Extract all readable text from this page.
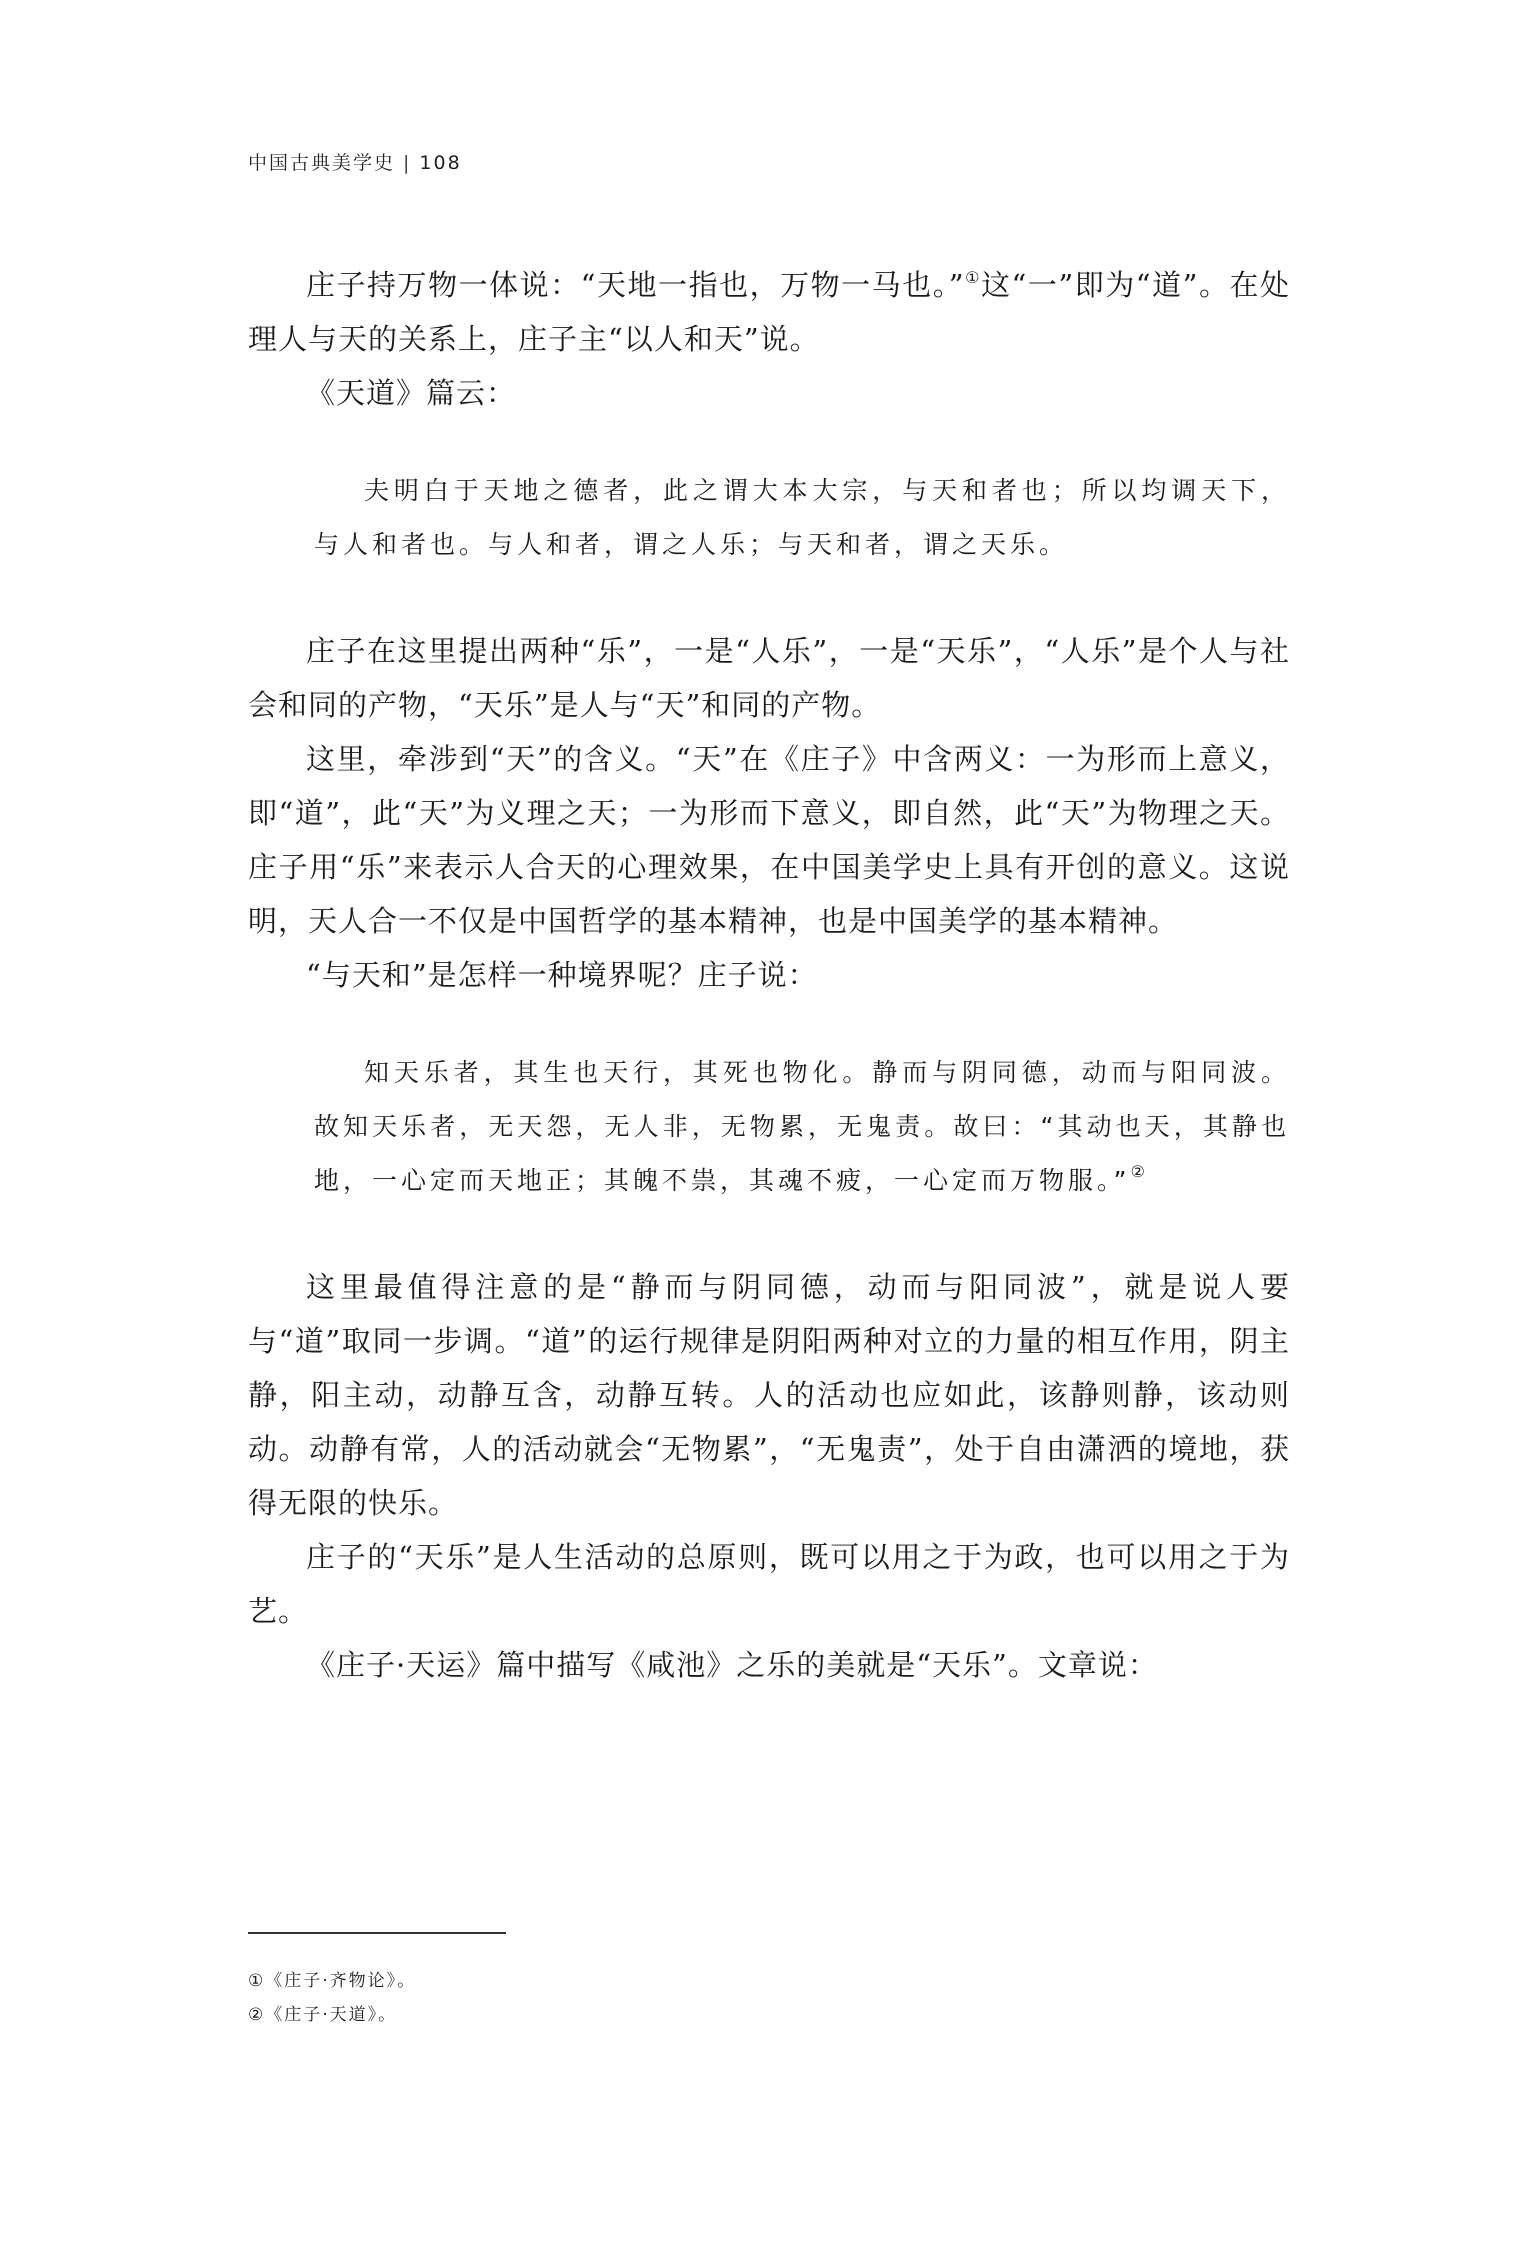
中国古典美学史 | 108

庄子持万物一体说：“天地一指也，万物一马也。”①这“一”即为“道”。在处理人与天的关系上，庄子主“以人和天”说。

《天道》篇云：

夫明白于天地之德者，此之谓大本大宗，与天和者也；所以均调天下，与人和者也。与人和者，谓之人乐；与天和者，谓之天乐。

庄子在这里提出两种“乐”，一是“人乐”，一是“天乐”，“人乐”是个人与社会和同的产物，“天乐”是人与“天”和同的产物。

这里，牵涉到“天”的含义。“天”在《庄子》中含两义：一为形而上意义，即“道”，此“天”为义理之天；一为形而下意义，即自然，此“天”为物理之天。庄子用“乐”来表示人合天的心理效果，在中国美学史上具有开创的意义。这说明，天人合一不仅是中国哲学的基本精神，也是中国美学的基本精神。

“与天和”是怎样一种境界呢？庄子说：

知天乐者，其生也天行，其死也物化。静而与阴同德，动而与阳同波。故知天乐者，无天怨，无人非，无物累，无鬼责。故曰：“其动也天，其静也地，一心定而天地正；其魄不祟，其魂不疲，一心定而万物服。”②

这里最值得注意的是“静而与阴同德，动而与阳同波”，就是说人要与“道”取同一步调。“道”的运行规律是阴阳两种对立的力量的相互作用，阴主静，阳主动，动静互含，动静互转。人的活动也应如此，该静则静，该动则动。动静有常，人的活动就会“无物累”，“无鬼责”，处于自由潇洒的境地，获得无限的快乐。

庄子的“天乐”是人生活动的总原则，既可以用之于为政，也可以用之于为艺。

《庄子·天运》篇中描写《咸池》之乐的美就是“天乐”。文章说：

①《庄子·齐物论》。
②《庄子·天道》。
